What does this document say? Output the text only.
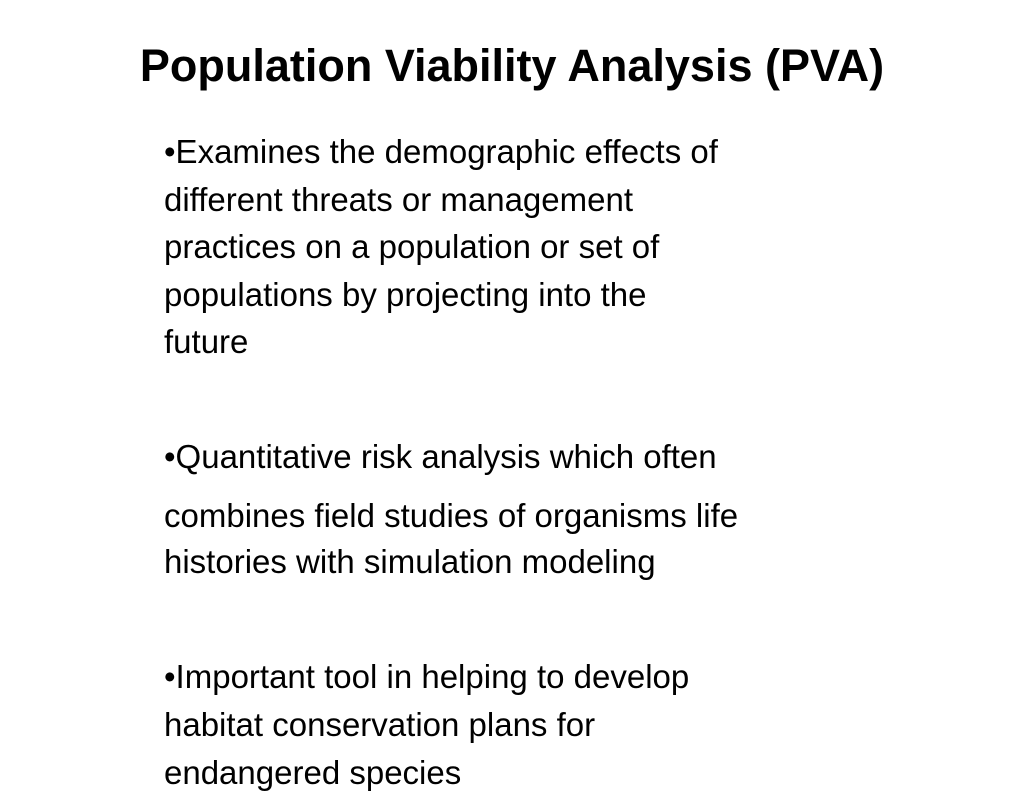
Population Viability Analysis (PVA)
•Examines the demographic effects of
different threats or management
practices on a population or set of
populations by projecting into the
future
•Quantitative risk analysis which often
combines field studies of organisms life
histories with simulation modeling
•Important tool in helping to develop
habitat conservation plans for
endangered species
